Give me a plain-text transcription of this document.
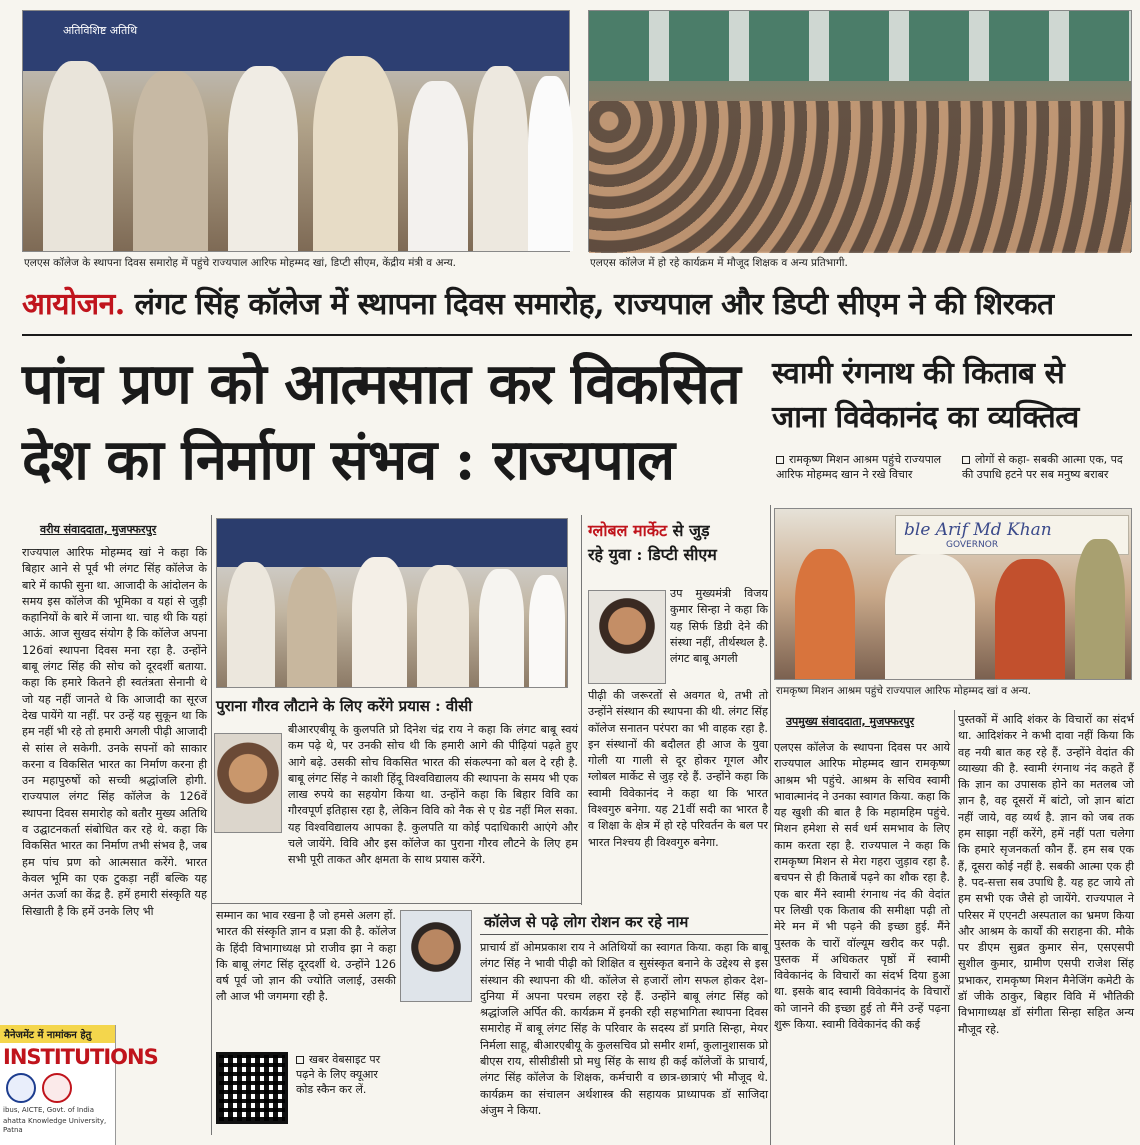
अतिविशिष्ट अतिथि
एलएस कॉलेज के स्थापना दिवस समारोह में पहुंचे राज्यपाल आरिफ मोहम्मद खां, डिप्टी सीएम, केंद्रीय मंत्री व अन्य.	एलएस कॉलेज में हो रहे कार्यक्रम में मौजूद शिक्षक व अन्य प्रतिभागी.
आयोजन. लंगट सिंह कॉलेज में स्थापना दिवस समारोह, राज्यपाल और डिप्टी सीएम ने की शिरकत
पांच प्रण को आत्मसात कर विकसित
देश का निर्माण संभव : राज्यपाल
स्वामी रंगनाथ की किताब से
जाना विवेकानंद का व्यक्तित्व
रामकृष्ण मिशन आश्रम पहुंचे राज्यपाल आरिफ मोहम्मद खान ने रखे विचार
लोगों से कहा- सबकी आत्मा एक, पद की उपाधि हटने पर सब मनुष्य बराबर
वरीय संवाददाता, मुजफ्फरपुर
राज्यपाल आरिफ मोहम्मद खां ने कहा कि बिहार आने से पूर्व भी लंगट सिंह कॉलेज के बारे में काफी सुना था. आजादी के आंदोलन के समय इस कॉलेज की भूमिका व यहां से जुड़ी कहानियों के बारे में जाना था. चाह थी कि यहां आऊं. आज सुखद संयोग है कि कॉलेज अपना 126वां स्थापना दिवस मना रहा है. उन्होंने बाबू लंगट सिंह की सोच को दूरदर्शी बताया. कहा कि हमारे कितने ही स्वतंत्रता सेनानी थे जो यह नहीं जानते थे कि आजादी का सूरज देख पायेंगे या नहीं. पर उन्हें यह सुकून था कि हम नहीं भी रहे तो हमारी अगली पीढ़ी आजादी से सांस ले सकेगी. उनके सपनों को साकार करना व विकसित भारत का निर्माण करना ही उन महापुरुषों को सच्ची श्रद्धांजलि होगी. राज्यपाल लंगट सिंह कॉलेज के 126वें स्थापना दिवस समारोह को बतौर मुख्य अतिथि व उद्घाटनकर्ता संबोधित कर रहे थे. कहा कि विकसित भारत का निर्माण तभी संभव है, जब हम पांच प्रण को आत्मसात करेंगे. भारत केवल भूमि का एक टुकड़ा नहीं बल्कि यह अनंत ऊर्जा का केंद्र है. हमें हमारी संस्कृति यह सिखाती है कि हमें उनके लिए भी
पुराना गौरव लौटाने के लिए करेंगे प्रयास : वीसी
बीआरएबीयू के कुलपति प्रो दिनेश चंद्र राय ने कहा कि लंगट बाबू स्वयं कम पढ़े थे, पर उनकी सोच थी कि हमारी आगे की पीढ़ियां पढ़ते हुए आगे बढ़े. उसकी सोच विकसित भारत की संकल्पना को बल दे रही है. बाबू लंगट सिंह ने काशी हिंदू विश्वविद्यालय की स्थापना के समय भी एक लाख रुपये का सहयोग किया था. उन्होंने कहा कि बिहार विवि का गौरवपूर्ण इतिहास रहा है, लेकिन विवि को नैक से ए ग्रेड नहीं मिल सका. यह विश्वविद्यालय आपका है. कुलपति या कोई पदाधिकारी आएंगे और चले जायेंगे. विवि और इस कॉलेज का पुराना गौरव लौटने के लिए हम सभी पूरी ताकत और क्षमता के साथ प्रयास करेंगे.
सम्मान का भाव रखना है जो हमसे अलग हों. भारत की संस्कृति ज्ञान व प्रज्ञा की है. कॉलेज के हिंदी विभागाध्यक्ष प्रो राजीव झा ने कहा कि बाबू लंगट सिंह दूरदर्शी थे. उन्होंने 126 वर्ष पूर्व जो ज्ञान की ज्योति जलाई, उसकी लौ आज भी जगमगा रही है.
खबर वेबसाइट पर पढ़ने के लिए क्यूआर कोड स्कैन कर लें.
ग्लोबल मार्केट से जुड़
रहे युवा : डिप्टी सीएम
उप मुख्यमंत्री विजय कुमार सिन्हा ने कहा कि यह सिर्फ डिग्री देने की संस्था नहीं, तीर्थस्थल है. लंगट बाबू अगली
पीढ़ी की जरूरतों से अवगत थे, तभी तो उन्होंने संस्थान की स्थापना की थी. लंगट सिंह कॉलेज सनातन परंपरा का भी वाहक रहा है. इन संस्थानों की बदौलत ही आज के युवा गोली या गाली से दूर होकर गूगल और ग्लोबल मार्केट से जुड़ रहे हैं. उन्होंने कहा कि स्वामी विवेकानंद ने कहा था कि भारत विश्वगुरु बनेगा. यह 21वीं सदी का भारत है व शिक्षा के क्षेत्र में हो रहे परिवर्तन के बल पर भारत निश्चय ही विश्वगुरु बनेगा.
कॉलेज से पढ़े लोग रोशन कर रहे नाम
प्राचार्य डॉ ओमप्रकाश राय ने अतिथियों का स्वागत किया. कहा कि बाबू लंगट सिंह ने भावी पीढ़ी को शिक्षित व सुसंस्कृत बनाने के उद्देश्य से इस संस्थान की स्थापना की थी. कॉलेज से हजारों लोग सफल होकर देश-दुनिया में अपना परचम लहरा रहे हैं. उन्होंने बाबू लंगट सिंह को श्रद्धांजलि अर्पित की. कार्यक्रम में इनकी रही सहभागिता स्थापना दिवस समारोह में बाबू लंगट सिंह के परिवार के सदस्य डॉ प्रगति सिन्हा, मेयर निर्मला साहू, बीआरएबीयू के कुलसचिव प्रो समीर शर्मा, कुलानुशासक प्रो बीएस राय, सीसीडीसी प्रो मधु सिंह के साथ ही कई कॉलेजों के प्राचार्य, लंगट सिंह कॉलेज के शिक्षक, कर्मचारी व छात्र-छात्राएं भी मौजूद थे. कार्यक्रम का संचालन अर्थशास्त्र की सहायक प्राध्यापक डॉ साजिदा अंजुम ने किया.
ble Arif Md Khan
GOVERNOR
रामकृष्ण मिशन आश्रम पहुंचे राज्यपाल आरिफ मोहम्मद खां व अन्य.
उपमुख्य संवाददाता, मुजफ्फरपुर
एलएस कॉलेज के स्थापना दिवस पर आये राज्यपाल आरिफ मोहम्मद खान रामकृष्ण आश्रम भी पहुंचे. आश्रम के सचिव स्वामी भावात्मानंद ने उनका स्वागत किया. कहा कि यह खुशी की बात है कि महामहिम पहुंचे. मिशन हमेशा से सर्व धर्म समभाव के लिए काम करता रहा है. राज्यपाल ने कहा कि रामकृष्ण मिशन से मेरा गहरा जुड़ाव रहा है. बचपन से ही किताबें पढ़ने का शौक रहा है. एक बार मैंने स्वामी रंगनाथ नंद की वेदांत पर लिखी एक किताब की समीक्षा पढ़ी तो मेरे मन में भी पढ़ने की इच्छा हुई. मैंने पुस्तक के चारों वॉल्यूम खरीद कर पढ़ी. पुस्तक में अधिकतर पृष्ठों में स्वामी विवेकानंद के विचारों का संदर्भ दिया हुआ था. इसके बाद स्वामी विवेकानंद के विचारों को जानने की इच्छा हुई तो मैंने उन्हें पढ़ना शुरू किया. स्वामी विवेकानंद की कई
पुस्तकों में आदि शंकर के विचारों का संदर्भ था. आदिशंकर ने कभी दावा नहीं किया कि वह नयी बात कह रहे हैं. उन्होंने वेदांत की व्याख्या की है. स्वामी रंगनाथ नंद कहते हैं कि ज्ञान का उपासक होने का मतलब जो ज्ञान है, वह दूसरों में बांटो, जो ज्ञान बांटा नहीं जाये, वह व्यर्थ है. ज्ञान को जब तक हम साझा नहीं करेंगे, हमें नहीं पता चलेगा कि हमारे सृजनकर्ता कौन हैं. हम सब एक हैं, दूसरा कोई नहीं है. सबकी आत्मा एक ही है. पद-सत्ता सब उपाधि है. यह हट जाये तो हम सभी एक जैसे हो जायेंगे. राज्यपाल ने परिसर में एएनटी अस्पताल का भ्रमण किया और आश्रम के कार्यों की सराहना की. मौके पर डीएम सुब्रत कुमार सेन, एसएसपी सुशील कुमार, ग्रामीण एसपी राजेश सिंह प्रभाकर, रामकृष्ण मिशन मैनेजिंग कमेटी के डॉ जीके ठाकुर, बिहार विवि में भौतिकी विभागाध्यक्ष डॉ संगीता सिन्हा सहित अन्य मौजूद रहे.
मैनेजमेंट में नामांकन हेतु
INSTITUTIONS
ibus, AICTE, Govt. of India
ahatta Knowledge University, Patna
